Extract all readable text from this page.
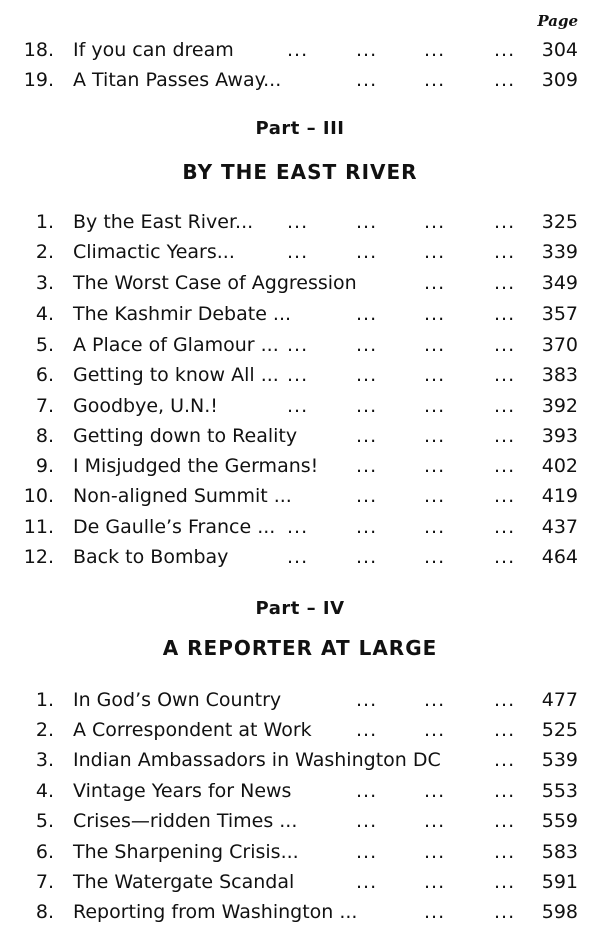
Page
18. If you can dream	304
...	... ...	...
19. A Titan Passes Away...	309
... ...	...
Part – III
BY THE EAST RIVER
1. By the East River...	325
...	... ...	...
2. Climactic Years...	339
...	... ...	...
3. The Worst Case of Aggression	349
...	...
4. The Kashmir Debate ...	357
... ...	...
5. A Place of Glamour ...	370
...	... ...	...
6. Getting to know All ...	383
...	... ...	...
7. Goodbye, U.N.!	392
...	... ...	...
8. Getting down to Reality	393
... ...	...
9. I Misjudged the Germans!	402
... ...	...
10. Non-aligned Summit ...	419
... ...	...
11. De Gaulle’s France ...	437
...	... ...	...
12. Back to Bombay	464
...	... ...	...
Part – IV
A REPORTER AT LARGE
1. In God’s Own Country	477
... ...	...
2. A Correspondent at Work	525
... ...	...
3. Indian Ambassadors in Washington DC	539
...
4. Vintage Years for News	553
... ...	...
5. Crises—ridden Times ...	559
... ...	...
6. The Sharpening Crisis...	583
... ...	...
7. The Watergate Scandal	591
... ...	...
8. Reporting from Washington ...	598
...	...
